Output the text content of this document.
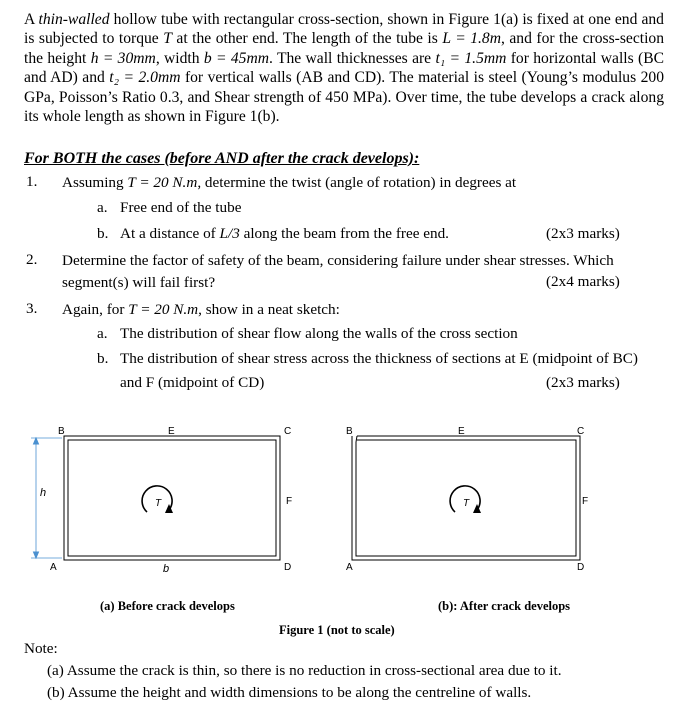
A thin-walled hollow tube with rectangular cross-section, shown in Figure 1(a) is fixed at one end and is subjected to torque T at the other end. The length of the tube is L = 1.8m, and for the cross-section the height h = 30mm, width b = 45mm. The wall thicknesses are t₁ = 1.5mm for horizontal walls (BC and AD) and t₂ = 2.0mm for vertical walls (AB and CD). The material is steel (Young’s modulus 200 GPa, Poisson’s Ratio 0.3, and Shear strength of 450 MPa). Over time, the tube develops a crack along its whole length as shown in Figure 1(b).
For BOTH the cases (before AND after the crack develops):
1. Assuming T = 20 N.m, determine the twist (angle of rotation) in degrees at
a. Free end of the tube
b. At a distance of L/3 along the beam from the free end.	(2x3 marks)
2. Determine the factor of safety of the beam, considering failure under shear stresses. Which
segment(s) will fail first?	(2x4 marks)
3. Again, for T = 20 N.m, show in a neat sketch:
a. The distribution of shear flow along the walls of the cross section
b. The distribution of shear stress across the thickness of sections at E (midpoint of BC)
and F (midpoint of CD)	(2x3 marks)
B	E	C
A	D
F
h
b
T
B	E	C
A	D
F
T
(a) Before crack develops	(b): After crack develops
Figure 1 (not to scale)
Note:
(a) Assume the crack is thin, so there is no reduction in cross-sectional area due to it.
(b) Assume the height and width dimensions to be along the centreline of walls.
